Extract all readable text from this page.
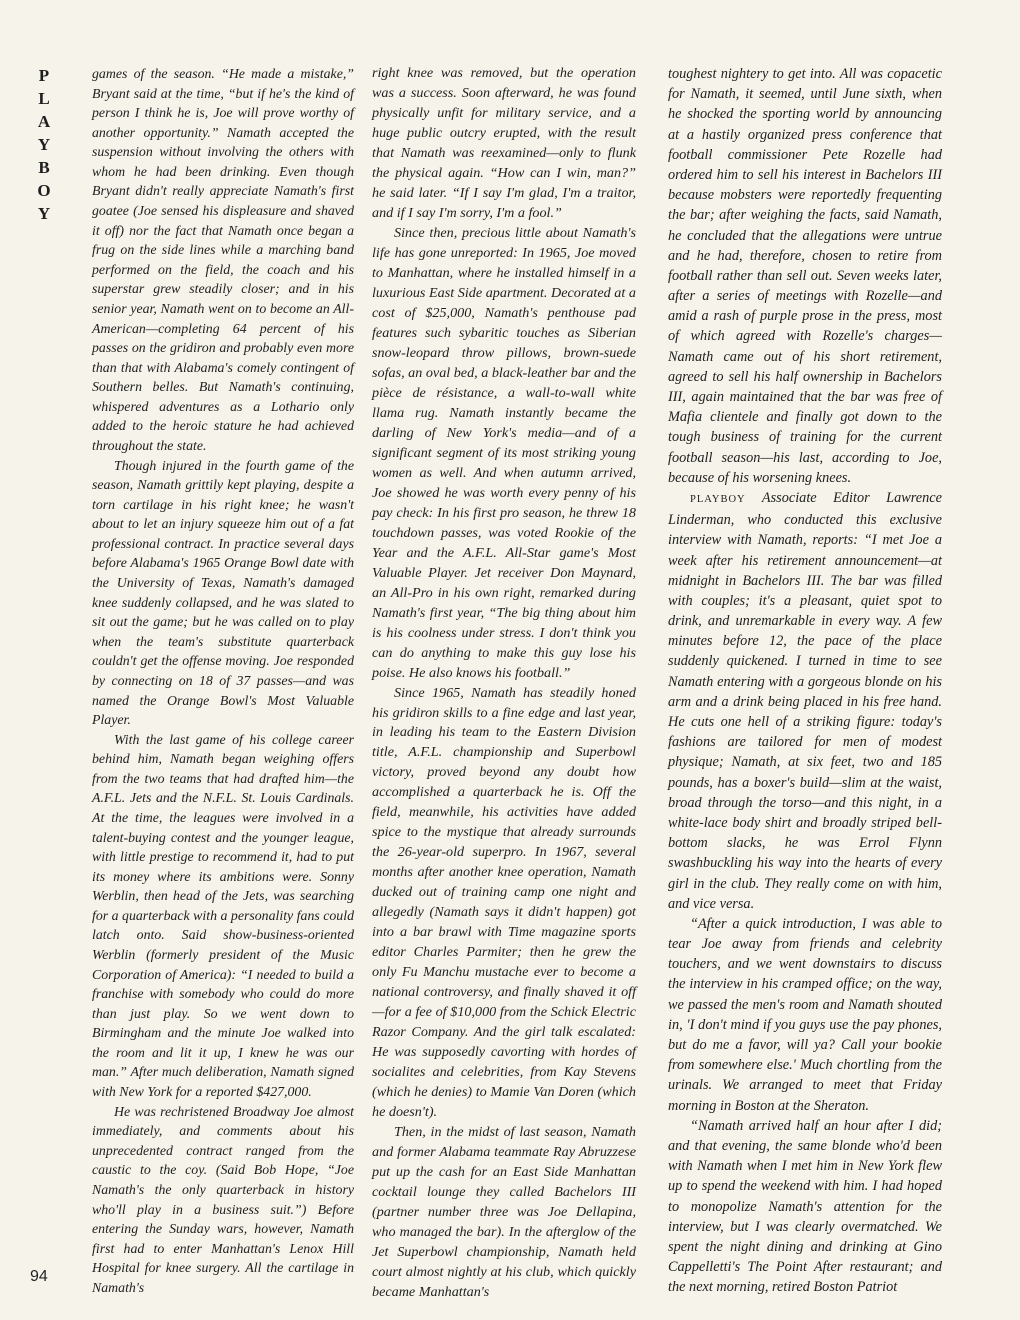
P
L
A
Y
B
O
Y

games of the season. “He made a mistake,” Bryant said at the time, “but if he's the kind of person I think he is, Joe will prove worthy of another opportunity.” Namath accepted the suspension without involving the others with whom he had been drinking. Even though Bryant didn't really appreciate Namath's first goatee (Joe sensed his displeasure and shaved it off) nor the fact that Namath once began a frug on the side lines while a marching band performed on the field, the coach and his superstar grew steadily closer; and in his senior year, Namath went on to become an All-American—completing 64 percent of his passes on the gridiron and probably even more than that with Alabama's comely contingent of Southern belles. But Namath's continuing, whispered adventures as a Lothario only added to the heroic stature he had achieved throughout the state.

Though injured in the fourth game of the season, Namath grittily kept playing, despite a torn cartilage in his right knee; he wasn't about to let an injury squeeze him out of a fat professional contract. In practice several days before Alabama's 1965 Orange Bowl date with the University of Texas, Namath's damaged knee suddenly collapsed, and he was slated to sit out the game; but he was called on to play when the team's substitute quarterback couldn't get the offense moving. Joe responded by connecting on 18 of 37 passes—and was named the Orange Bowl's Most Valuable Player.

With the last game of his college career behind him, Namath began weighing offers from the two teams that had drafted him—the A.F.L. Jets and the N.F.L. St. Louis Cardinals. At the time, the leagues were involved in a talent-buying contest and the younger league, with little prestige to recommend it, had to put its money where its ambitions were. Sonny Werblin, then head of the Jets, was searching for a quarterback with a personality fans could latch onto. Said show-business-oriented Werblin (formerly president of the Music Corporation of America): “I needed to build a franchise with somebody who could do more than just play. So we went down to Birmingham and the minute Joe walked into the room and lit it up, I knew he was our man.” After much deliberation, Namath signed with New York for a reported $427,000.

He was rechristened Broadway Joe almost immediately, and comments about his unprecedented contract ranged from the caustic to the coy. (Said Bob Hope, “Joe Namath's the only quarterback in history who'll play in a business suit.”) Before entering the Sunday wars, however, Namath first had to enter Manhattan's Lenox Hill Hospital for knee surgery. All the cartilage in Namath's

right knee was removed, but the operation was a success. Soon afterward, he was found physically unfit for military service, and a huge public outcry erupted, with the result that Namath was reexamined—only to flunk the physical again. “How can I win, man?” he said later. “If I say I'm glad, I'm a traitor, and if I say I'm sorry, I'm a fool.”

Since then, precious little about Namath's life has gone unreported: In 1965, Joe moved to Manhattan, where he installed himself in a luxurious East Side apartment. Decorated at a cost of $25,000, Namath's penthouse pad features such sybaritic touches as Siberian snow-leopard throw pillows, brown-suede sofas, an oval bed, a black-leather bar and the pièce de résistance, a wall-to-wall white llama rug. Namath instantly became the darling of New York's media—and of a significant segment of its most striking young women as well. And when autumn arrived, Joe showed he was worth every penny of his pay check: In his first pro season, he threw 18 touchdown passes, was voted Rookie of the Year and the A.F.L. All-Star game's Most Valuable Player. Jet receiver Don Maynard, an All-Pro in his own right, remarked during Namath's first year, “The big thing about him is his coolness under stress. I don't think you can do anything to make this guy lose his poise. He also knows his football.”

Since 1965, Namath has steadily honed his gridiron skills to a fine edge and last year, in leading his team to the Eastern Division title, A.F.L. championship and Superbowl victory, proved beyond any doubt how accomplished a quarterback he is. Off the field, meanwhile, his activities have added spice to the mystique that already surrounds the 26-year-old superpro. In 1967, several months after another knee operation, Namath ducked out of training camp one night and allegedly (Namath says it didn't happen) got into a bar brawl with Time magazine sports editor Charles Parmiter; then he grew the only Fu Manchu mustache ever to become a national controversy, and finally shaved it off—for a fee of $10,000 from the Schick Electric Razor Company. And the girl talk escalated: He was supposedly cavorting with hordes of socialites and celebrities, from Kay Stevens (which he denies) to Mamie Van Doren (which he doesn't).

Then, in the midst of last season, Namath and former Alabama teammate Ray Abruzzese put up the cash for an East Side Manhattan cocktail lounge they called Bachelors III (partner number three was Joe Dellapina, who managed the bar). In the afterglow of the Jet Superbowl championship, Namath held court almost nightly at his club, which quickly became Manhattan's

toughest nightery to get into. All was copacetic for Namath, it seemed, until June sixth, when he shocked the sporting world by announcing at a hastily organized press conference that football commissioner Pete Rozelle had ordered him to sell his interest in Bachelors III because mobsters were reportedly frequenting the bar; after weighing the facts, said Namath, he concluded that the allegations were untrue and he had, therefore, chosen to retire from football rather than sell out. Seven weeks later, after a series of meetings with Rozelle—and amid a rash of purple prose in the press, most of which agreed with Rozelle's charges—Namath came out of his short retirement, agreed to sell his half ownership in Bachelors III, again maintained that the bar was free of Mafia clientele and finally got down to the tough business of training for the current football season—his last, according to Joe, because of his worsening knees.

PLAYBOY Associate Editor Lawrence Linderman, who conducted this exclusive interview with Namath, reports: “I met Joe a week after his retirement announcement—at midnight in Bachelors III. The bar was filled with couples; it's a pleasant, quiet spot to drink, and unremarkable in every way. A few minutes before 12, the pace of the place suddenly quickened. I turned in time to see Namath entering with a gorgeous blonde on his arm and a drink being placed in his free hand. He cuts one hell of a striking figure: today's fashions are tailored for men of modest physique; Namath, at six feet, two and 185 pounds, has a boxer's build—slim at the waist, broad through the torso—and this night, in a white-lace body shirt and broadly striped bell-bottom slacks, he was Errol Flynn swashbuckling his way into the hearts of every girl in the club. They really come on with him, and vice versa.

“After a quick introduction, I was able to tear Joe away from friends and celebrity touchers, and we went downstairs to discuss the interview in his cramped office; on the way, we passed the men's room and Namath shouted in, 'I don't mind if you guys use the pay phones, but do me a favor, will ya? Call your bookie from somewhere else.' Much chortling from the urinals. We arranged to meet that Friday morning in Boston at the Sheraton.

“Namath arrived half an hour after I did; and that evening, the same blonde who'd been with Namath when I met him in New York flew up to spend the weekend with him. I had hoped to monopolize Namath's attention for the interview, but I was clearly overmatched. We spent the night dining and drinking at Gino Cappelletti's The Point After restaurant; and the next morning, retired Boston Patriot

94
